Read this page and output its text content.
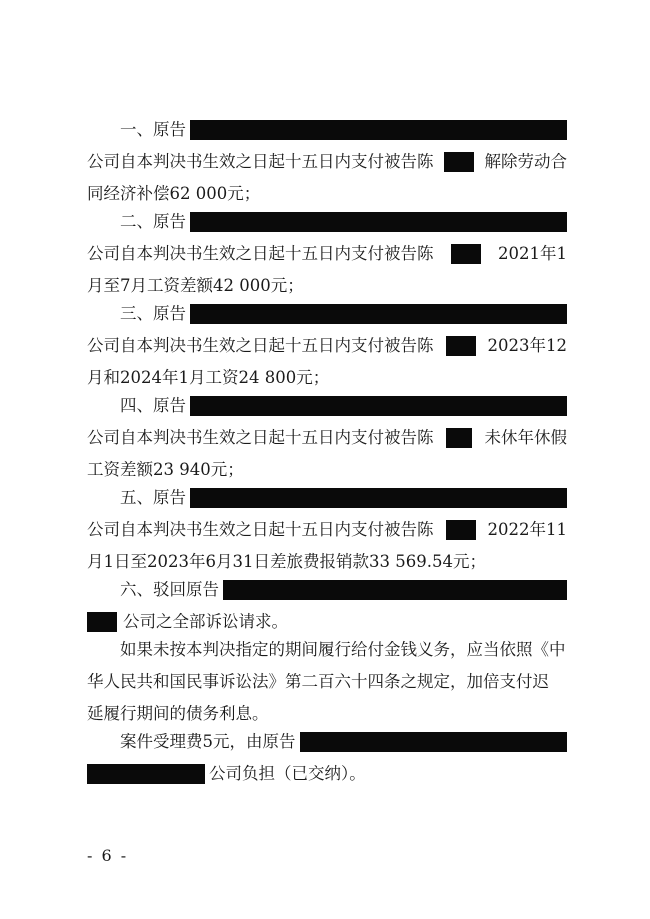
一、原告
公司自本判决书生效之日起十五日内支付被告陈	解除劳动合
同经济补偿62 000元；
二、原告
公司自本判决书生效之日起十五日内支付被告陈	2021年1
月至7月工资差额42 000元；
三、原告
公司自本判决书生效之日起十五日内支付被告陈	2023年12
月和2024年1月工资24 800元；
四、原告
公司自本判决书生效之日起十五日内支付被告陈	未休年休假
工资差额23 940元；
五、原告
公司自本判决书生效之日起十五日内支付被告陈	2022年11
月1日至2023年6月31日差旅费报销款33 569.54元；
六、驳回原告
公司之全部诉讼请求。
如果未按本判决指定的期间履行给付金钱义务，应当依照《中
华人民共和国民事诉讼法》第二百六十四条之规定，加倍支付迟
延履行期间的债务利息。
案件受理费5元，由原告
公司负担（已交纳）。
- 6 -
